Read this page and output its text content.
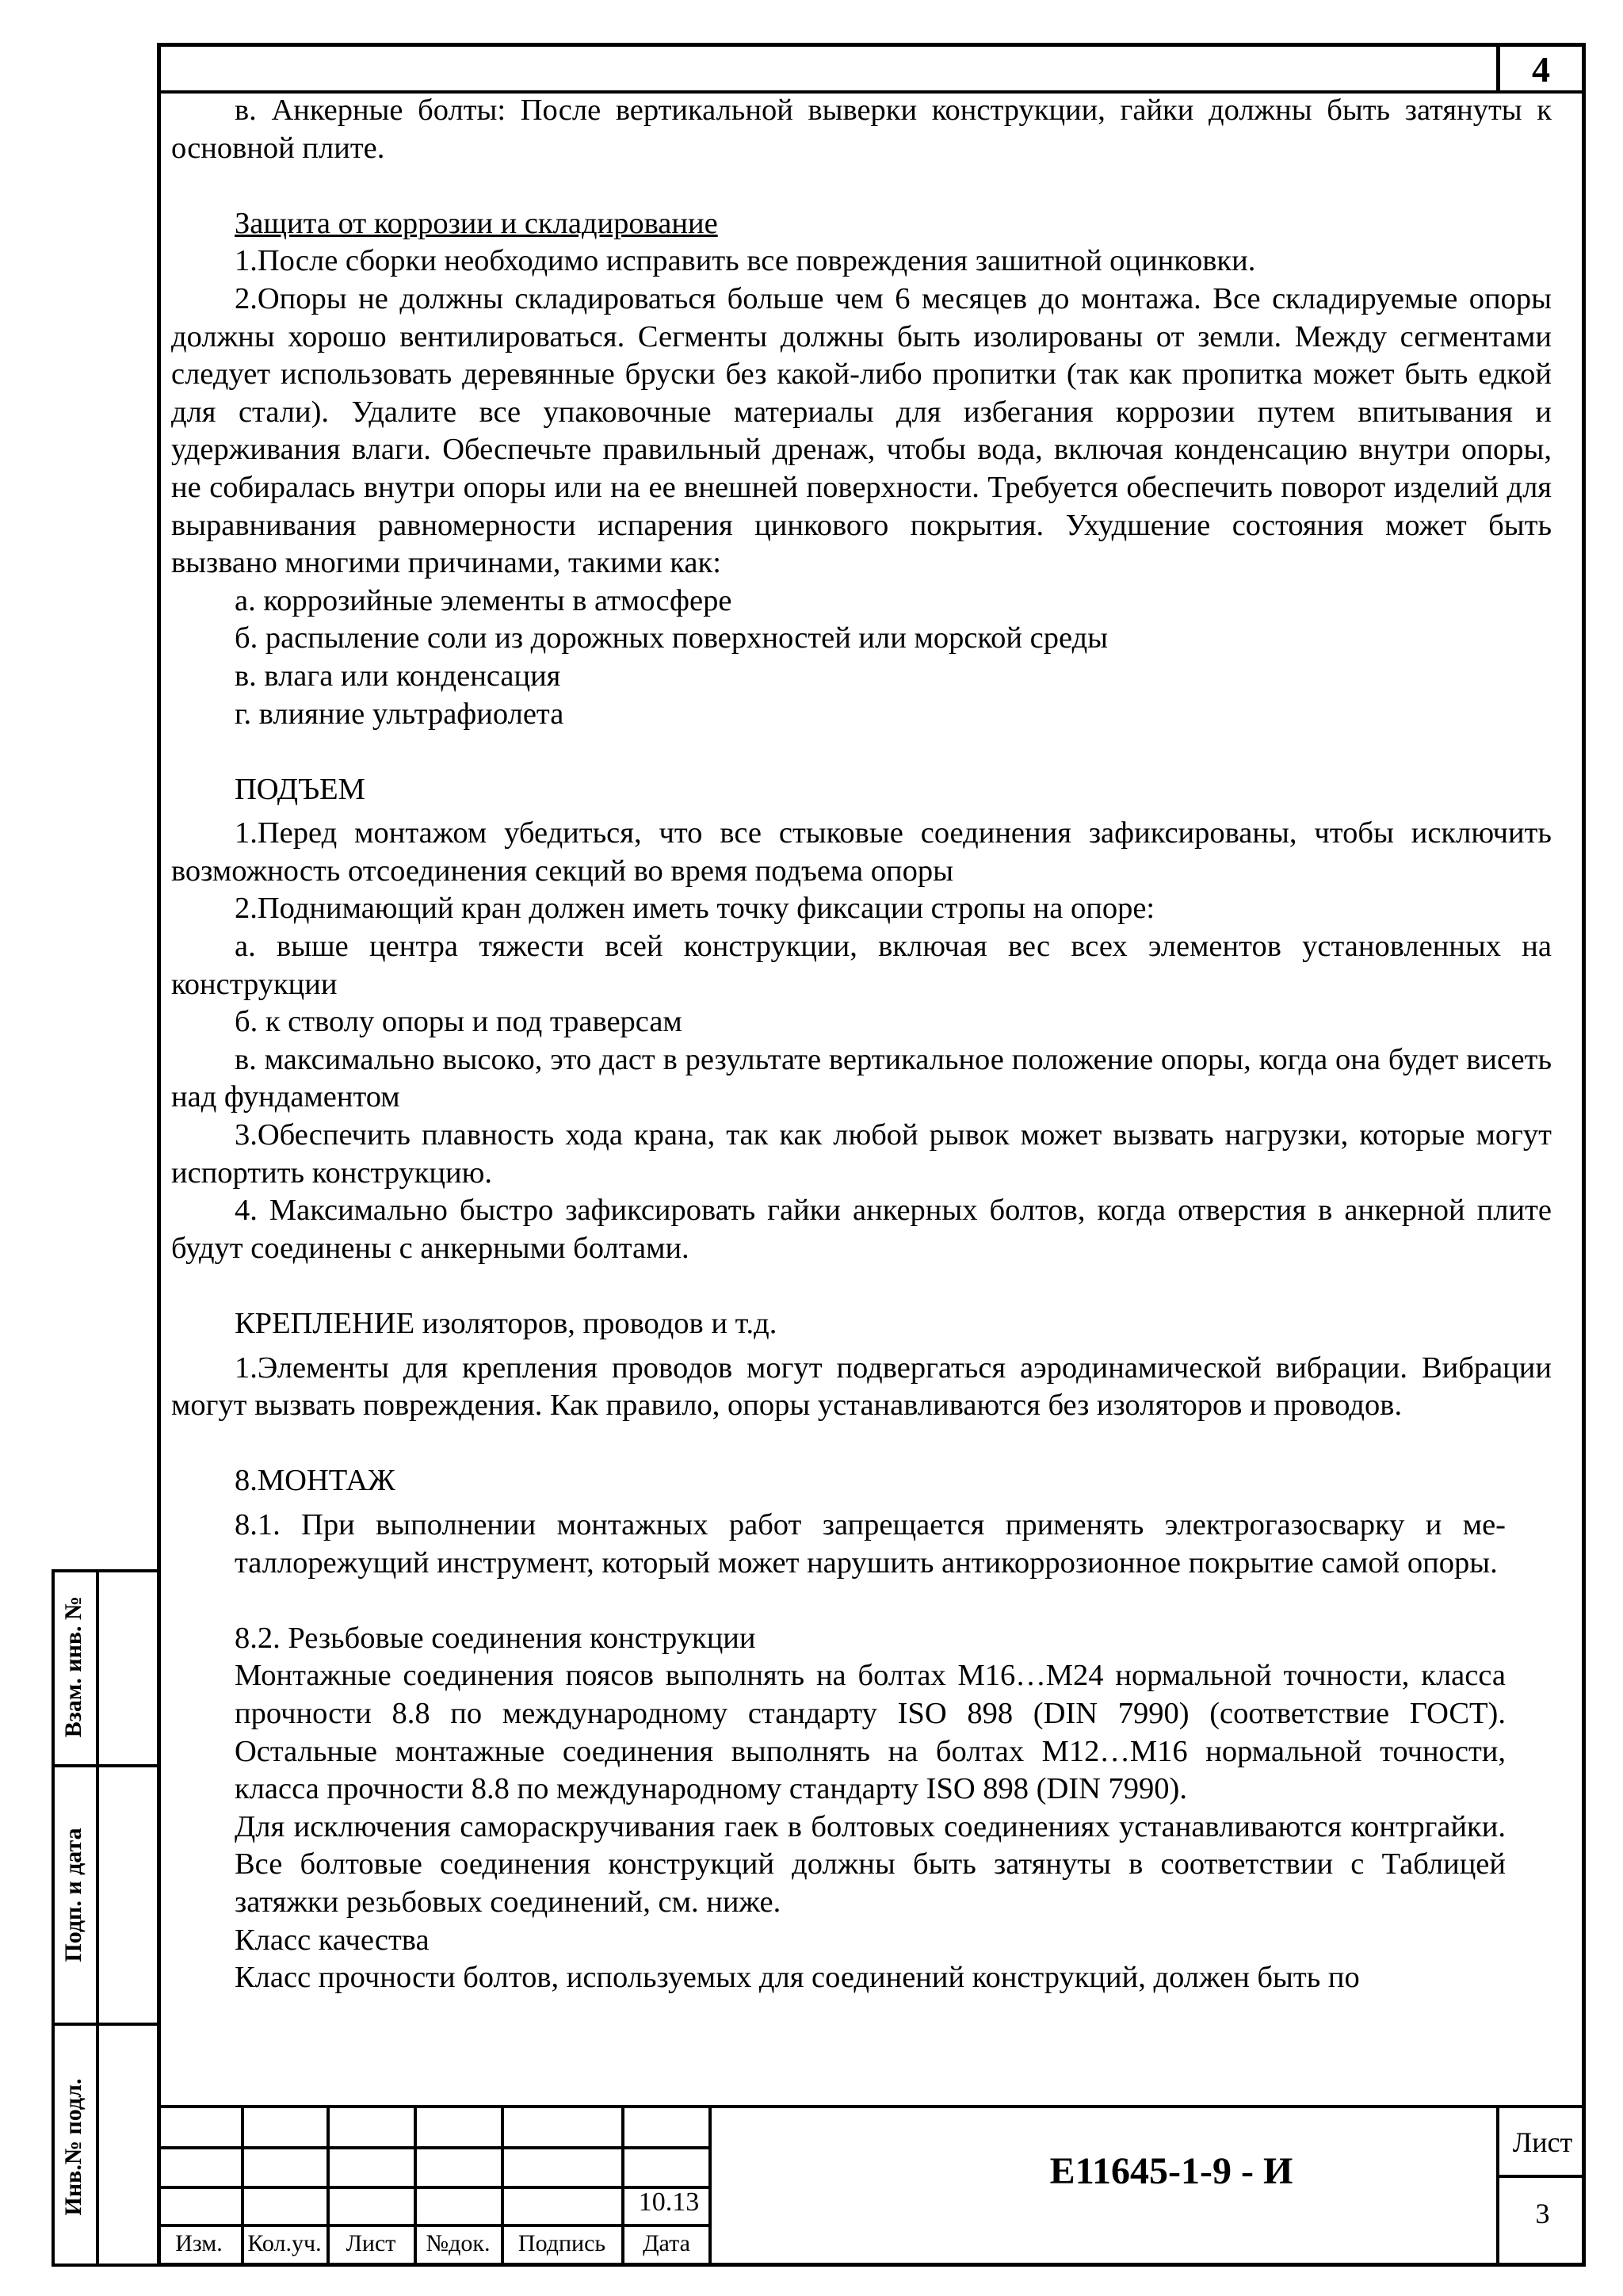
4

в. Анкерные болты: После вертикальной выверки конструкции, гайки должны быть затянуты к основной плите.

Защита от коррозии и складирование

1.После сборки необходимо исправить все повреждения зашитной оцинковки.

2.Опоры не должны складироваться больше чем 6 месяцев до монтажа. Все складируемые опоры должны хорошо вентилироваться. Сегменты должны быть изолированы от земли. Между сегментами следует использовать деревянные бруски без какой-либо пропитки (так как пропитка может быть едкой для стали). Удалите все упаковочные материалы для избегания коррозии путем впитывания и удерживания влаги. Обеспечьте правильный дренаж, чтобы вода, включая конденсацию внутри опоры, не собиралась внутри опоры или на ее внешней поверхности. Требуется обеспечить поворот изделий для выравнивания равномерности испарения цинкового покрытия. Ухудшение состояния может быть вызвано многими причинами, такими как:

а. коррозийные элементы в атмосфере

б. распыление соли из дорожных поверхностей или морской среды

в. влага или конденсация

г. влияние ультрафиолета

ПОДЪЕМ

1.Перед монтажом убедиться, что все стыковые соединения зафиксированы, чтобы исключить возможность отсоединения секций во время подъема опоры

2.Поднимающий кран должен иметь точку фиксации стропы на опоре:

а. выше центра тяжести всей конструкции, включая вес всех элементов установленных на конструкции

б. к стволу опоры и под траверсам

в. максимально высоко, это даст в результате вертикальное положение опоры, когда она будет висеть над фундаментом

3.Обеспечить плавность хода крана, так как любой рывок может вызвать нагрузки, которые могут испортить конструкцию.

4. Максимально быстро зафиксировать гайки анкерных болтов, когда отверстия в анкерной плите будут соединены с анкерными болтами.

КРЕПЛЕНИЕ изоляторов, проводов и т.д.

1.Элементы для крепления проводов могут подвергаться аэродинамической вибрации. Вибрации могут вызвать повреждения. Как правило, опоры устанавливаются без изоляторов и проводов.

8.МОНТАЖ

8.1. При выполнении монтажных работ запрещается применять электрогазосварку и ме-таллорежущий инструмент, который может нарушить антикоррозионное покрытие самой опоры.

8.2. Резьбовые соединения конструкции

Монтажные соединения поясов выполнять на болтах М16…М24 нормальной точности, класса прочности 8.8 по международному стандарту ISO 898 (DIN 7990) (соответствие ГОСТ). Остальные монтажные соединения выполнять на болтах М12…М16 нормальной точности, класса прочности 8.8 по международному стандарту ISO 898 (DIN 7990).

Для исключения самораскручивания гаек в болтовых соединениях устанавливаются контргайки. Все болтовые соединения конструкций должны быть затянуты в соответствии с Таблицей затяжки резьбовых соединений, см. ниже.

Класс качества

Класс прочности болтов, используемых для соединений конструкций, должен быть по

Взам. инв. №
Подп. и дата
Инв.№ подл.	10.13
Изм.	Кол.уч.	Лист	№док.	Подпись	Дата
E11645-1-9 - И
Лист
3
